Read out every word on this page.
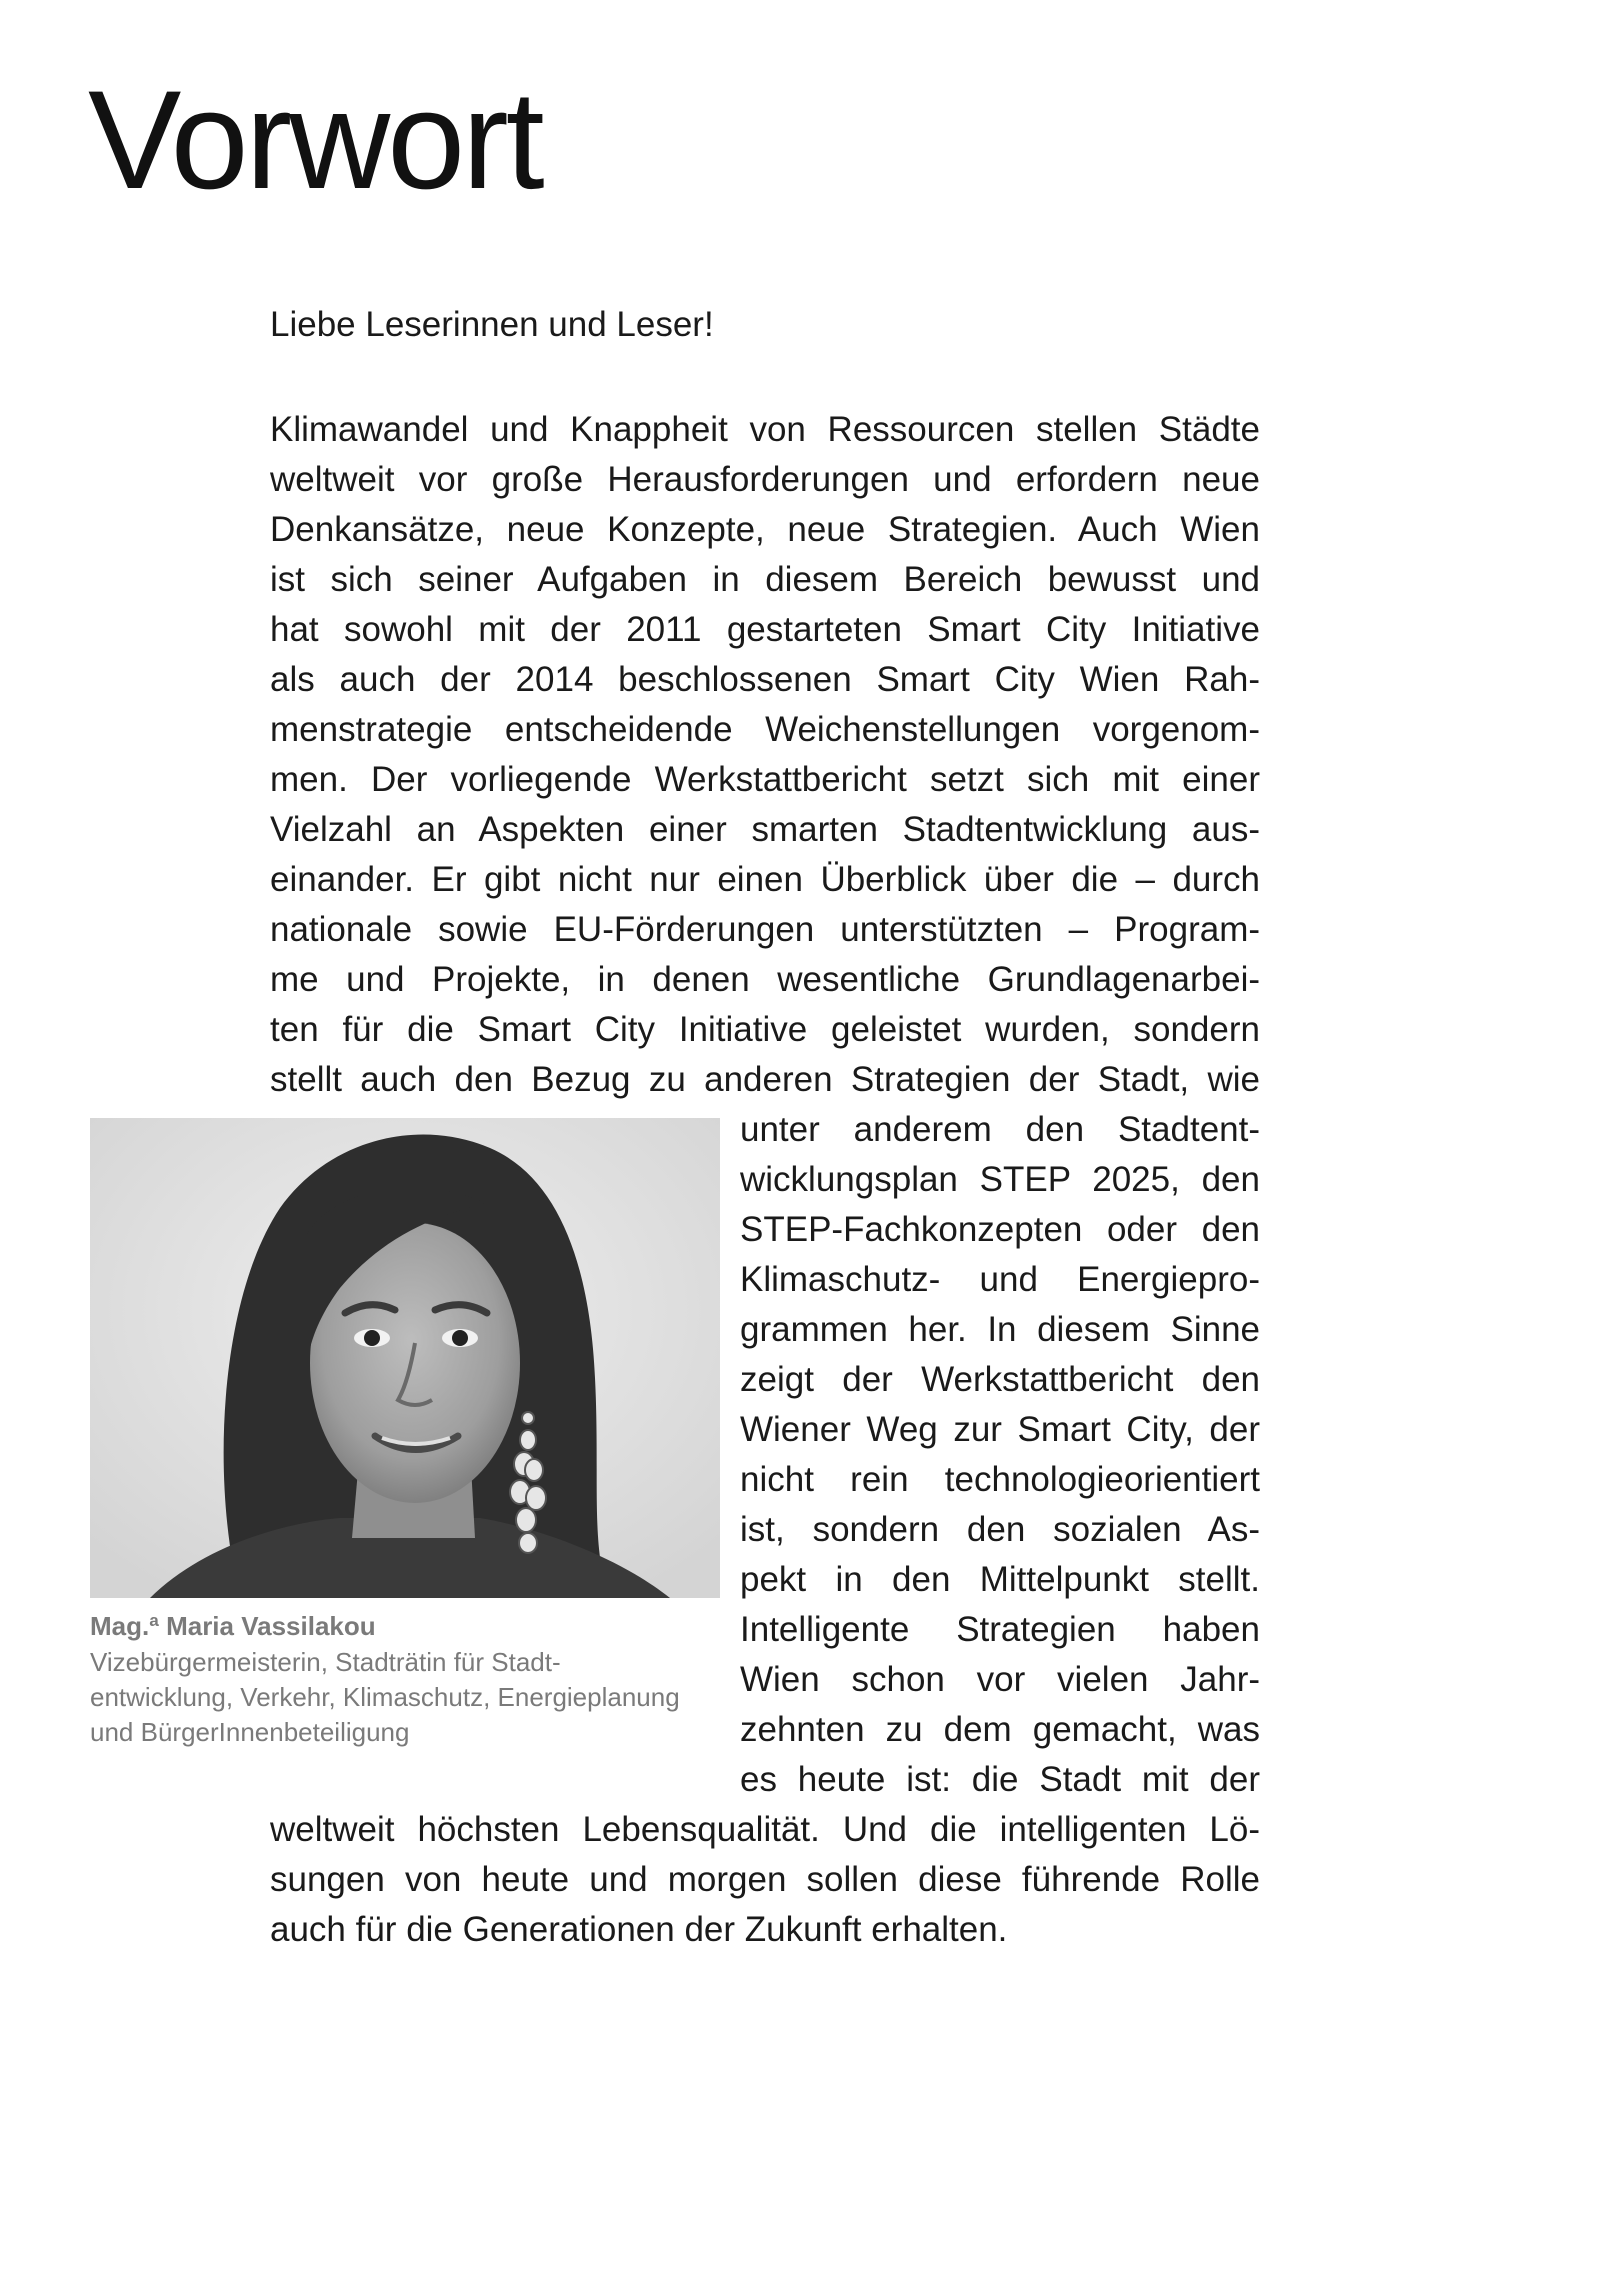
Vorwort
Liebe Leserinnen und Leser!
Klimawandel und Knappheit von Ressourcen stellen Städte
weltweit vor große Herausforderungen und erfordern neue
Denkansätze, neue Konzepte, neue Strategien. Auch Wien
ist sich seiner Aufgaben in diesem Bereich bewusst und
hat sowohl mit der 2011 gestarteten Smart City Initiative
als auch der 2014 beschlossenen Smart City Wien Rah-
menstrategie entscheidende Weichenstellungen vorgenom-
men. Der vorliegende Werkstattbericht setzt sich mit einer
Vielzahl an Aspekten einer smarten Stadtentwicklung aus-
einander. Er gibt nicht nur einen Überblick über die – durch
nationale sowie EU-Förderungen unterstützten – Program-
me und Projekte, in denen wesentliche Grundlagenarbei-
ten für die Smart City Initiative geleistet wurden, sondern
stellt auch den Bezug zu anderen Strategien der Stadt, wie
unter anderem den Stadtent-
wicklungsplan STEP 2025, den
STEP-Fachkonzepten oder den
Klimaschutz- und Energiepro-
grammen her. In diesem Sinne
zeigt der Werkstattbericht den
Wiener Weg zur Smart City, der
nicht rein technologieorientiert
ist, sondern den sozialen As-
pekt in den Mittelpunkt stellt.
Intelligente Strategien haben
Wien schon vor vielen Jahr-
zehnten zu dem gemacht, was
es heute ist: die Stadt mit der
Mag.ª Maria Vassilakou
Vizebürgermeisterin, Stadträtin für Stadt-
entwicklung, Verkehr, Klimaschutz, Energieplanung
und BürgerInnenbeteiligung
weltweit höchsten Lebensqualität. Und die intelligenten Lö-
sungen von heute und morgen sollen diese führende Rolle
auch für die Generationen der Zukunft erhalten.
